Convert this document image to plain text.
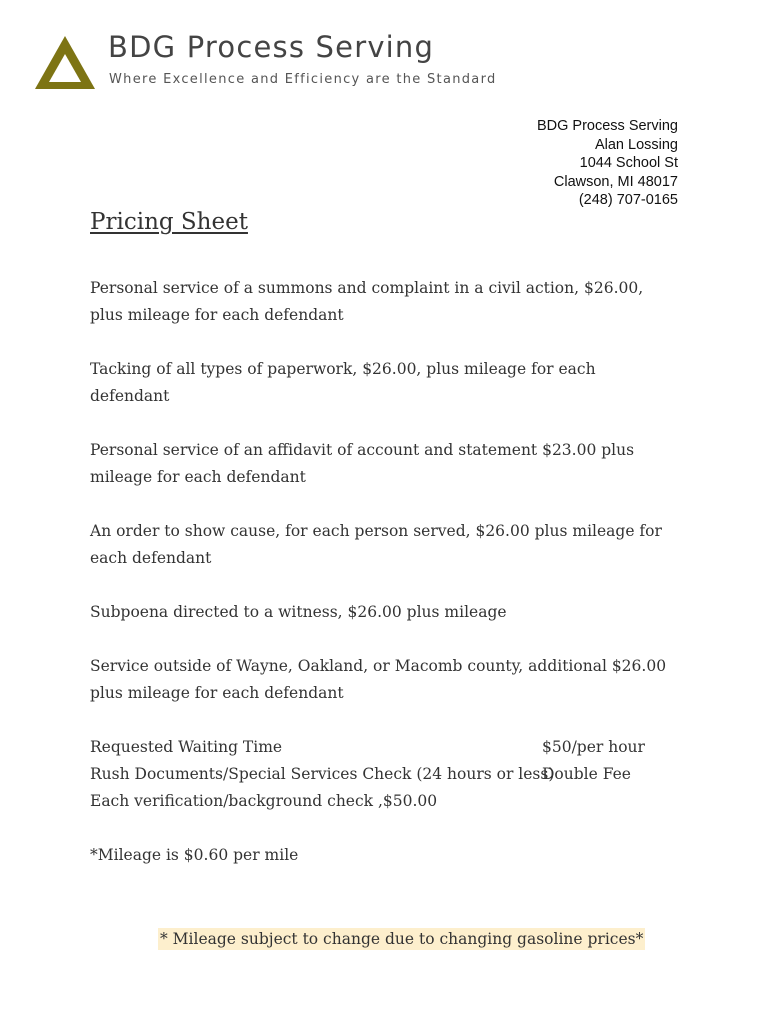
BDG Process Serving
Where Excellence and Efficiency are the Standard
BDG Process Serving
Alan Lossing
1044 School St
Clawson, MI 48017
(248) 707-0165
Pricing Sheet

Personal service of a summons and complaint in a civil action, $26.00, plus mileage for each defendant

Tacking of all types of paperwork, $26.00, plus mileage for each defendant

Personal service of an affidavit of account and statement $23.00 plus mileage for each defendant

An order to show cause, for each person served, $26.00 plus mileage for each defendant

Subpoena directed to a witness, $26.00 plus mileage

Service outside of Wayne, Oakland, or Macomb county, additional $26.00 plus mileage for each defendant

Requested Waiting Time	$50/per hour
Rush Documents/Special Services Check (24 hours or less)
Double Fee
Each verification/background check ,$50.00

*Mileage is $0.60 per mile

* Mileage subject to change due to changing gasoline prices*
